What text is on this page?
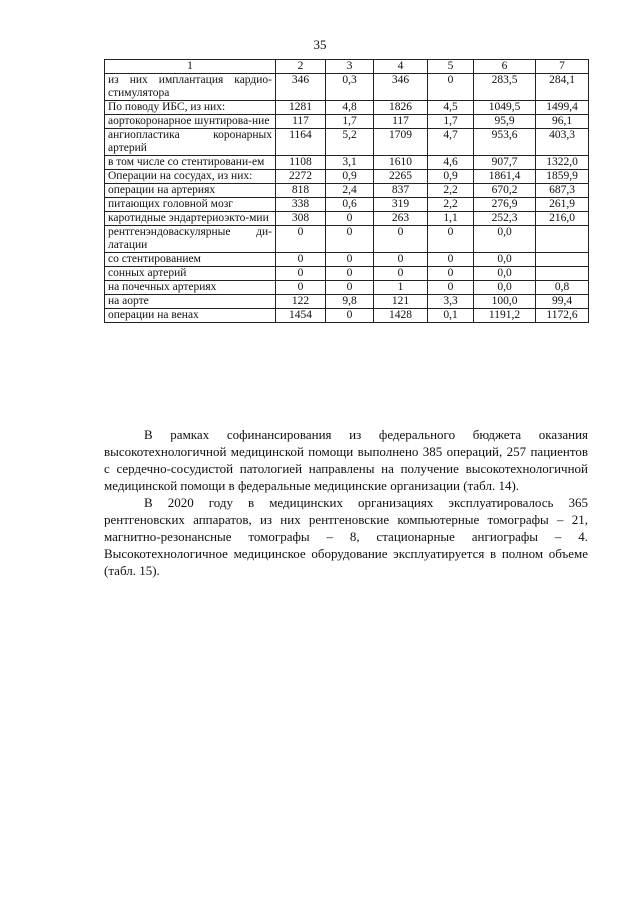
35
1	2	3	4	5	6	7
из них имплантация кардио-стимулятора	346	0,3	346	0	283,5	284,1
По поводу ИБС, из них:	1281	4,8	1826	4,5	1049,5	1499,4
аортокоронарное шунтирова-ние	117	1,7	117	1,7	95,9	96,1
ангиопластика коронарных артерий	1164	5,2	1709	4,7	953,6	403,3
в том числе со стентировани-ем	1108	3,1	1610	4,6	907,7	1322,0
Операции на сосудах, из них:	2272	0,9	2265	0,9	1861,4	1859,9
операции на артериях	818	2,4	837	2,2	670,2	687,3
питающих головной мозг	338	0,6	319	2,2	276,9	261,9
каротидные эндартериоэкто-мии	308	0	263	1,1	252,3	216,0
рентгенэндоваскулярные ди-латации	0	0	0	0	0,0	
со стентированием	0	0	0	0	0,0	
сонных артерий	0	0	0	0	0,0	
на почечных артериях	0	0	1	0	0,0	0,8
на аорте	122	9,8	121	3,3	100,0	99,4
операции на венах	1454	0	1428	0,1	1191,2	1172,6

В рамках софинансирования из федерального бюджета оказания высокотехнологичной медицинской помощи выполнено 385 операций, 257 пациентов с сердечно-сосудистой патологией направлены на получение высокотехнологичной медицинской помощи в федеральные медицинские организации (табл. 14).

В 2020 году в медицинских организациях эксплуатировалось 365 рентгеновских аппаратов, из них рентгеновские компьютерные томографы – 21, магнитно-резонансные томографы – 8, стационарные ангиографы – 4. Высокотехнологичное медицинское оборудование эксплуатируется в полном объеме (табл. 15).
